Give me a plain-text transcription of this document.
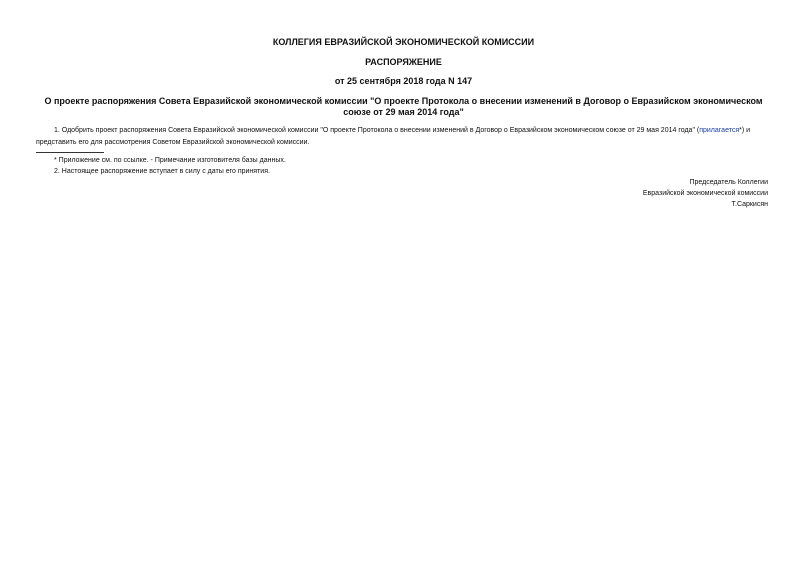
КОЛЛЕГИЯ ЕВРАЗИЙСКОЙ ЭКОНОМИЧЕСКОЙ КОМИССИИ
РАСПОРЯЖЕНИЕ
от 25 сентября 2018 года N 147
О проекте распоряжения Совета Евразийской экономической комиссии "О проекте Протокола о внесении изменений в Договор о Евразийском экономическом
союзе от 29 мая 2014 года"
1. Одобрить проект распоряжения Совета Евразийской экономической комиссии "О проекте Протокола о внесении изменений в Договор о Евразийском экономическом союзе от 29 мая 2014 года" (прилагается*) и представить его для рассмотрения Советом Евразийской экономической комиссии.
* Приложение см. по ссылке. - Примечание изготовителя базы данных.
2. Настоящее распоряжение вступает в силу с даты его принятия.
Председатель Коллегии
Евразийской экономической комиссии
Т.Саркисян
